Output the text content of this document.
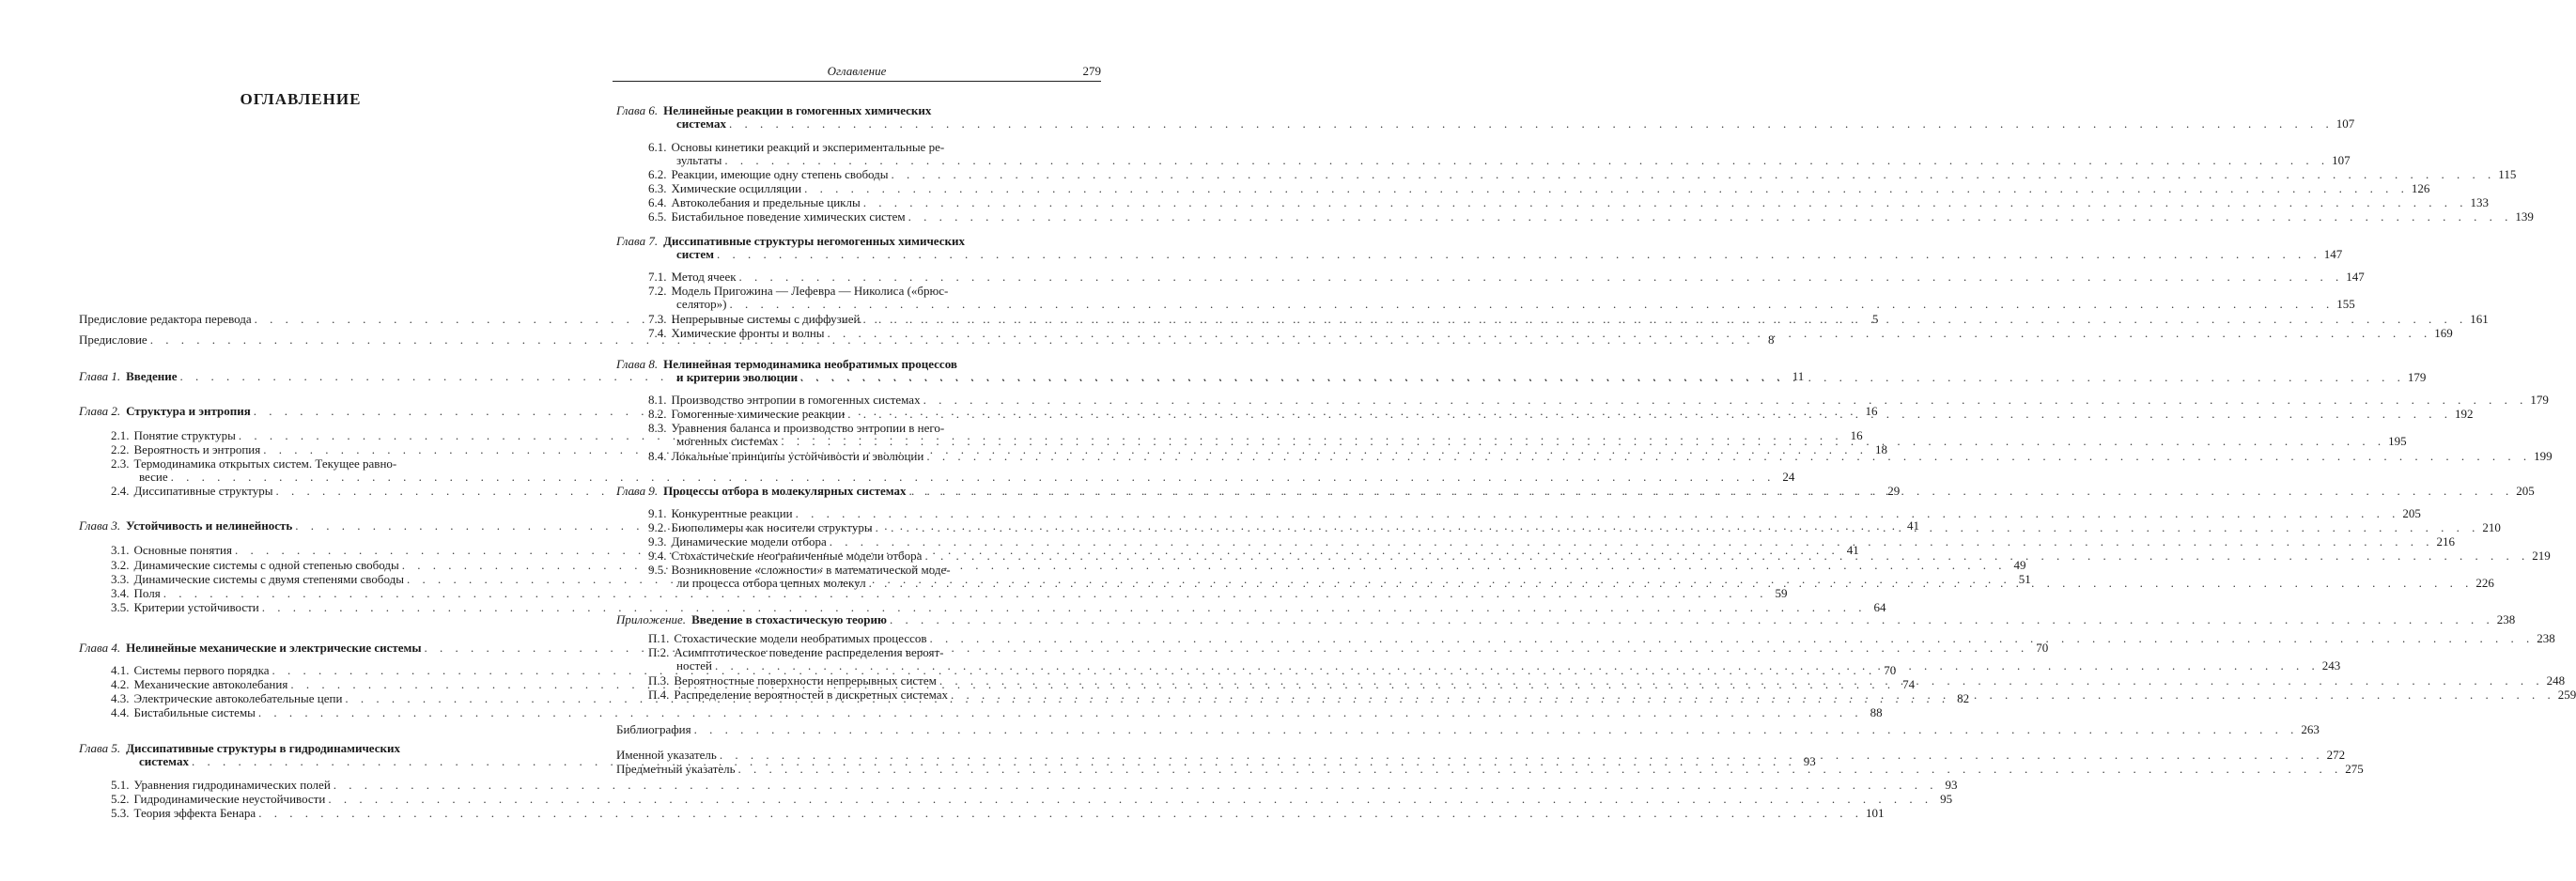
ОГЛАВЛЕНИЕ
Предисловие редактора перевода . . .	5
Предисловие . . .	8
Глава 1. Введение . . .	11
Глава 2. Структура и энтропия . . .	16
2.1. Понятие структуры . . .	16
2.2. Вероятность и энтропия . . .	18
2.3. Термодинамика открытых систем. Текущее равно-
весие . . .	24
2.4. Диссипативные структуры . . .	29
Глава 3. Устойчивость и нелинейность . . .	41
3.1. Основные понятия . . .	41
3.2. Динамические системы с одной степенью свободы . . .	49
3.3. Динамические системы с двумя степенями свободы . . .	51
3.4. Поля . . .	59
3.5. Критерии устойчивости . . .	64
Глава 4. Нелинейные механические и электрические системы . . .	70
4.1. Системы первого порядка . . .	70
4.2. Механические автоколебания . . .	74
4.3. Электрические автоколебательные цепи . . .	82
4.4. Бистабильные системы . . .	88
Глава 5. Диссипативные структуры в гидродинамических
системах . . .	93
5.1. Уравнения гидродинамических полей . . .	93
5.2. Гидродинамические неустойчивости . . .	95
5.3. Теория эффекта Бенара . . .	101
Оглавление	279
Глава 6. Нелинейные реакции в гомогенных химических
системах . . .	107
6.1. Основы кинетики реакций и экспериментальные ре-
зультаты . . .	107
6.2. Реакции, имеющие одну степень свободы . . .	115
6.3. Химические осцилляции . . .	126
6.4. Автоколебания и предельные циклы . . .	133
6.5. Бистабильное поведение химических систем . . .	139
Глава 7. Диссипативные структуры негомогенных химических
систем . . .	147
7.1. Метод ячеек . . .	147
7.2. Модель Пригожина — Лефевра — Николиса («брюс-
селятор») . . .	155
7.3. Непрерывные системы с диффузией . . .	161
7.4. Химические фронты и волны . . .	169
Глава 8. Нелинейная термодинамика необратимых процессов
и критерии эволюции . . .	179
8.1. Производство энтропии в гомогенных системах . . .	179
8.2. Гомогенные химические реакции . . .	192
8.3. Уравнения баланса и производство энтропии в него-
могенных системах . . .	195
8.4. Локальные принципы устойчивости и эволюции . . .	199
Глава 9. Процессы отбора в молекулярных системах . . .	205
9.1. Конкурентные реакции . . .	205
9.2. Биополимеры как носители структуры . . .	210
9.3. Динамические модели отбора . . .	216
9.4. Стохастические неограниченные модели отбора . . .	219
9.5. Возникновение «сложности» в математической моде-
ли процесса отбора цепных молекул . . .	226
Приложение. Введение в стохастическую теорию . . .	238
П.1. Стохастические модели необратимых процессов . . .	238
П.2. Асимптотическое поведение распределения вероят-
ностей . . .	243
П.3. Вероятностные поверхности непрерывных систем . . .	248
П.4. Распределение вероятностей в дискретных системах . . .	259
Библиография . . .	263
Именной указатель . . .	272
Предметный указатель . . .	275
